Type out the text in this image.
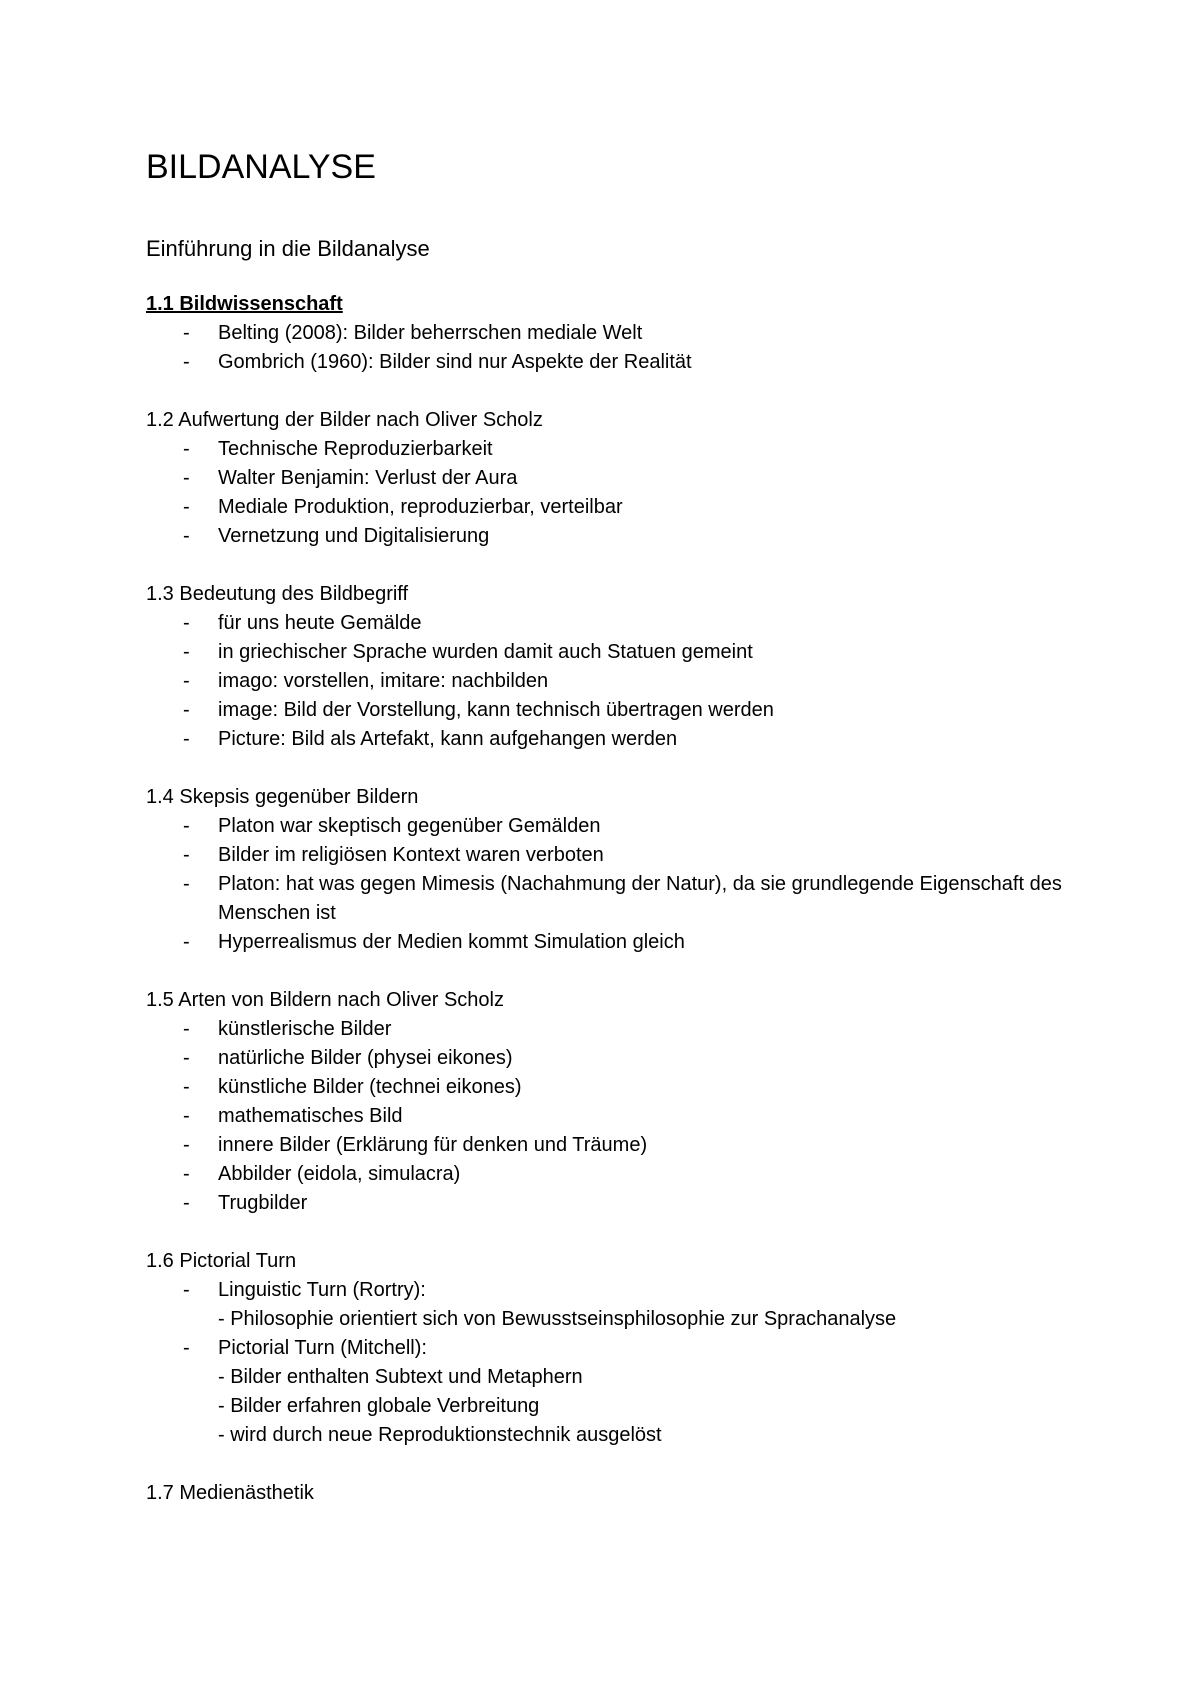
BILDANALYSE
Einführung in die Bildanalyse
1.1 Bildwissenschaft
- Belting (2008): Bilder beherrschen mediale Welt
- Gombrich (1960): Bilder sind nur Aspekte der Realität
1.2 Aufwertung der Bilder nach Oliver Scholz
- Technische Reproduzierbarkeit
- Walter Benjamin: Verlust der Aura
- Mediale Produktion, reproduzierbar, verteilbar
- Vernetzung und Digitalisierung
1.3 Bedeutung des Bildbegriff
- für uns heute Gemälde
- in griechischer Sprache wurden damit auch Statuen gemeint
- imago: vorstellen, imitare: nachbilden
- image: Bild der Vorstellung, kann technisch übertragen werden
- Picture: Bild als Artefakt, kann aufgehangen werden
1.4 Skepsis gegenüber Bildern
- Platon war skeptisch gegenüber Gemälden
- Bilder im religiösen Kontext waren verboten
- Platon: hat was gegen Mimesis (Nachahmung der Natur), da sie grundlegende Eigenschaft des Menschen ist
- Hyperrealismus der Medien kommt Simulation gleich
1.5 Arten von Bildern nach Oliver Scholz
- künstlerische Bilder
- natürliche Bilder (physei eikones)
- künstliche Bilder (technei eikones)
- mathematisches Bild
- innere Bilder (Erklärung für denken und Träume)
- Abbilder (eidola, simulacra)
- Trugbilder
1.6 Pictorial Turn
- Linguistic Turn (Rortry):
- Philosophie orientiert sich von Bewusstseinsphilosophie zur Sprachanalyse
- Pictorial Turn (Mitchell):
- Bilder enthalten Subtext und Metaphern
- Bilder erfahren globale Verbreitung
- wird durch neue Reproduktionstechnik ausgelöst
1.7 Medienästhetik
